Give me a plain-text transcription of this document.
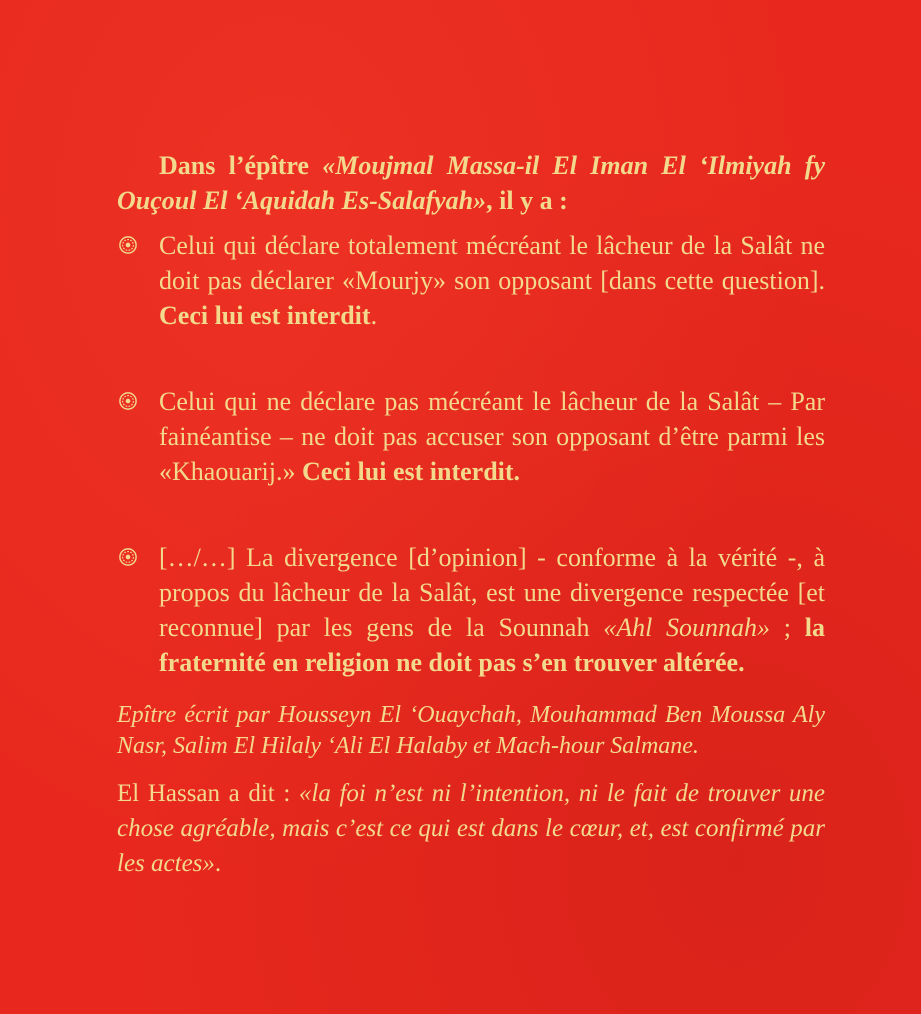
Dans l’épître «Moujmal Massa-il El Iman El ‘Ilmiyah fy Ouçoul El ‘Aquidah Es-Salafyah», il y a :

Celui qui déclare totalement mécréant le lâcheur de la Salât ne doit pas déclarer «Mourjy» son opposant [dans cette question]. Ceci lui est interdit.

Celui qui ne déclare pas mécréant le lâcheur de la Salât – Par fainéantise – ne doit pas accuser son opposant d’être parmi les «Khaouarij.» Ceci lui est interdit.

[…/…] La divergence [d’opinion] - conforme à la vérité -, à propos du lâcheur de la Salât, est une divergence respectée [et reconnue] par les gens de la Sounnah «Ahl Sounnah» ; la fraternité en religion ne doit pas s’en trouver altérée.

Epître écrit par Housseyn El ‘Ouaychah, Mouhammad Ben Moussa Aly Nasr, Salim El Hilaly ‘Ali El Halaby et Mach-hour Salmane.

El Hassan a dit : «la foi n’est ni l’intention, ni le fait de trouver une chose agréable, mais c’est ce qui est dans le cœur, et, est confirmé par les actes».
